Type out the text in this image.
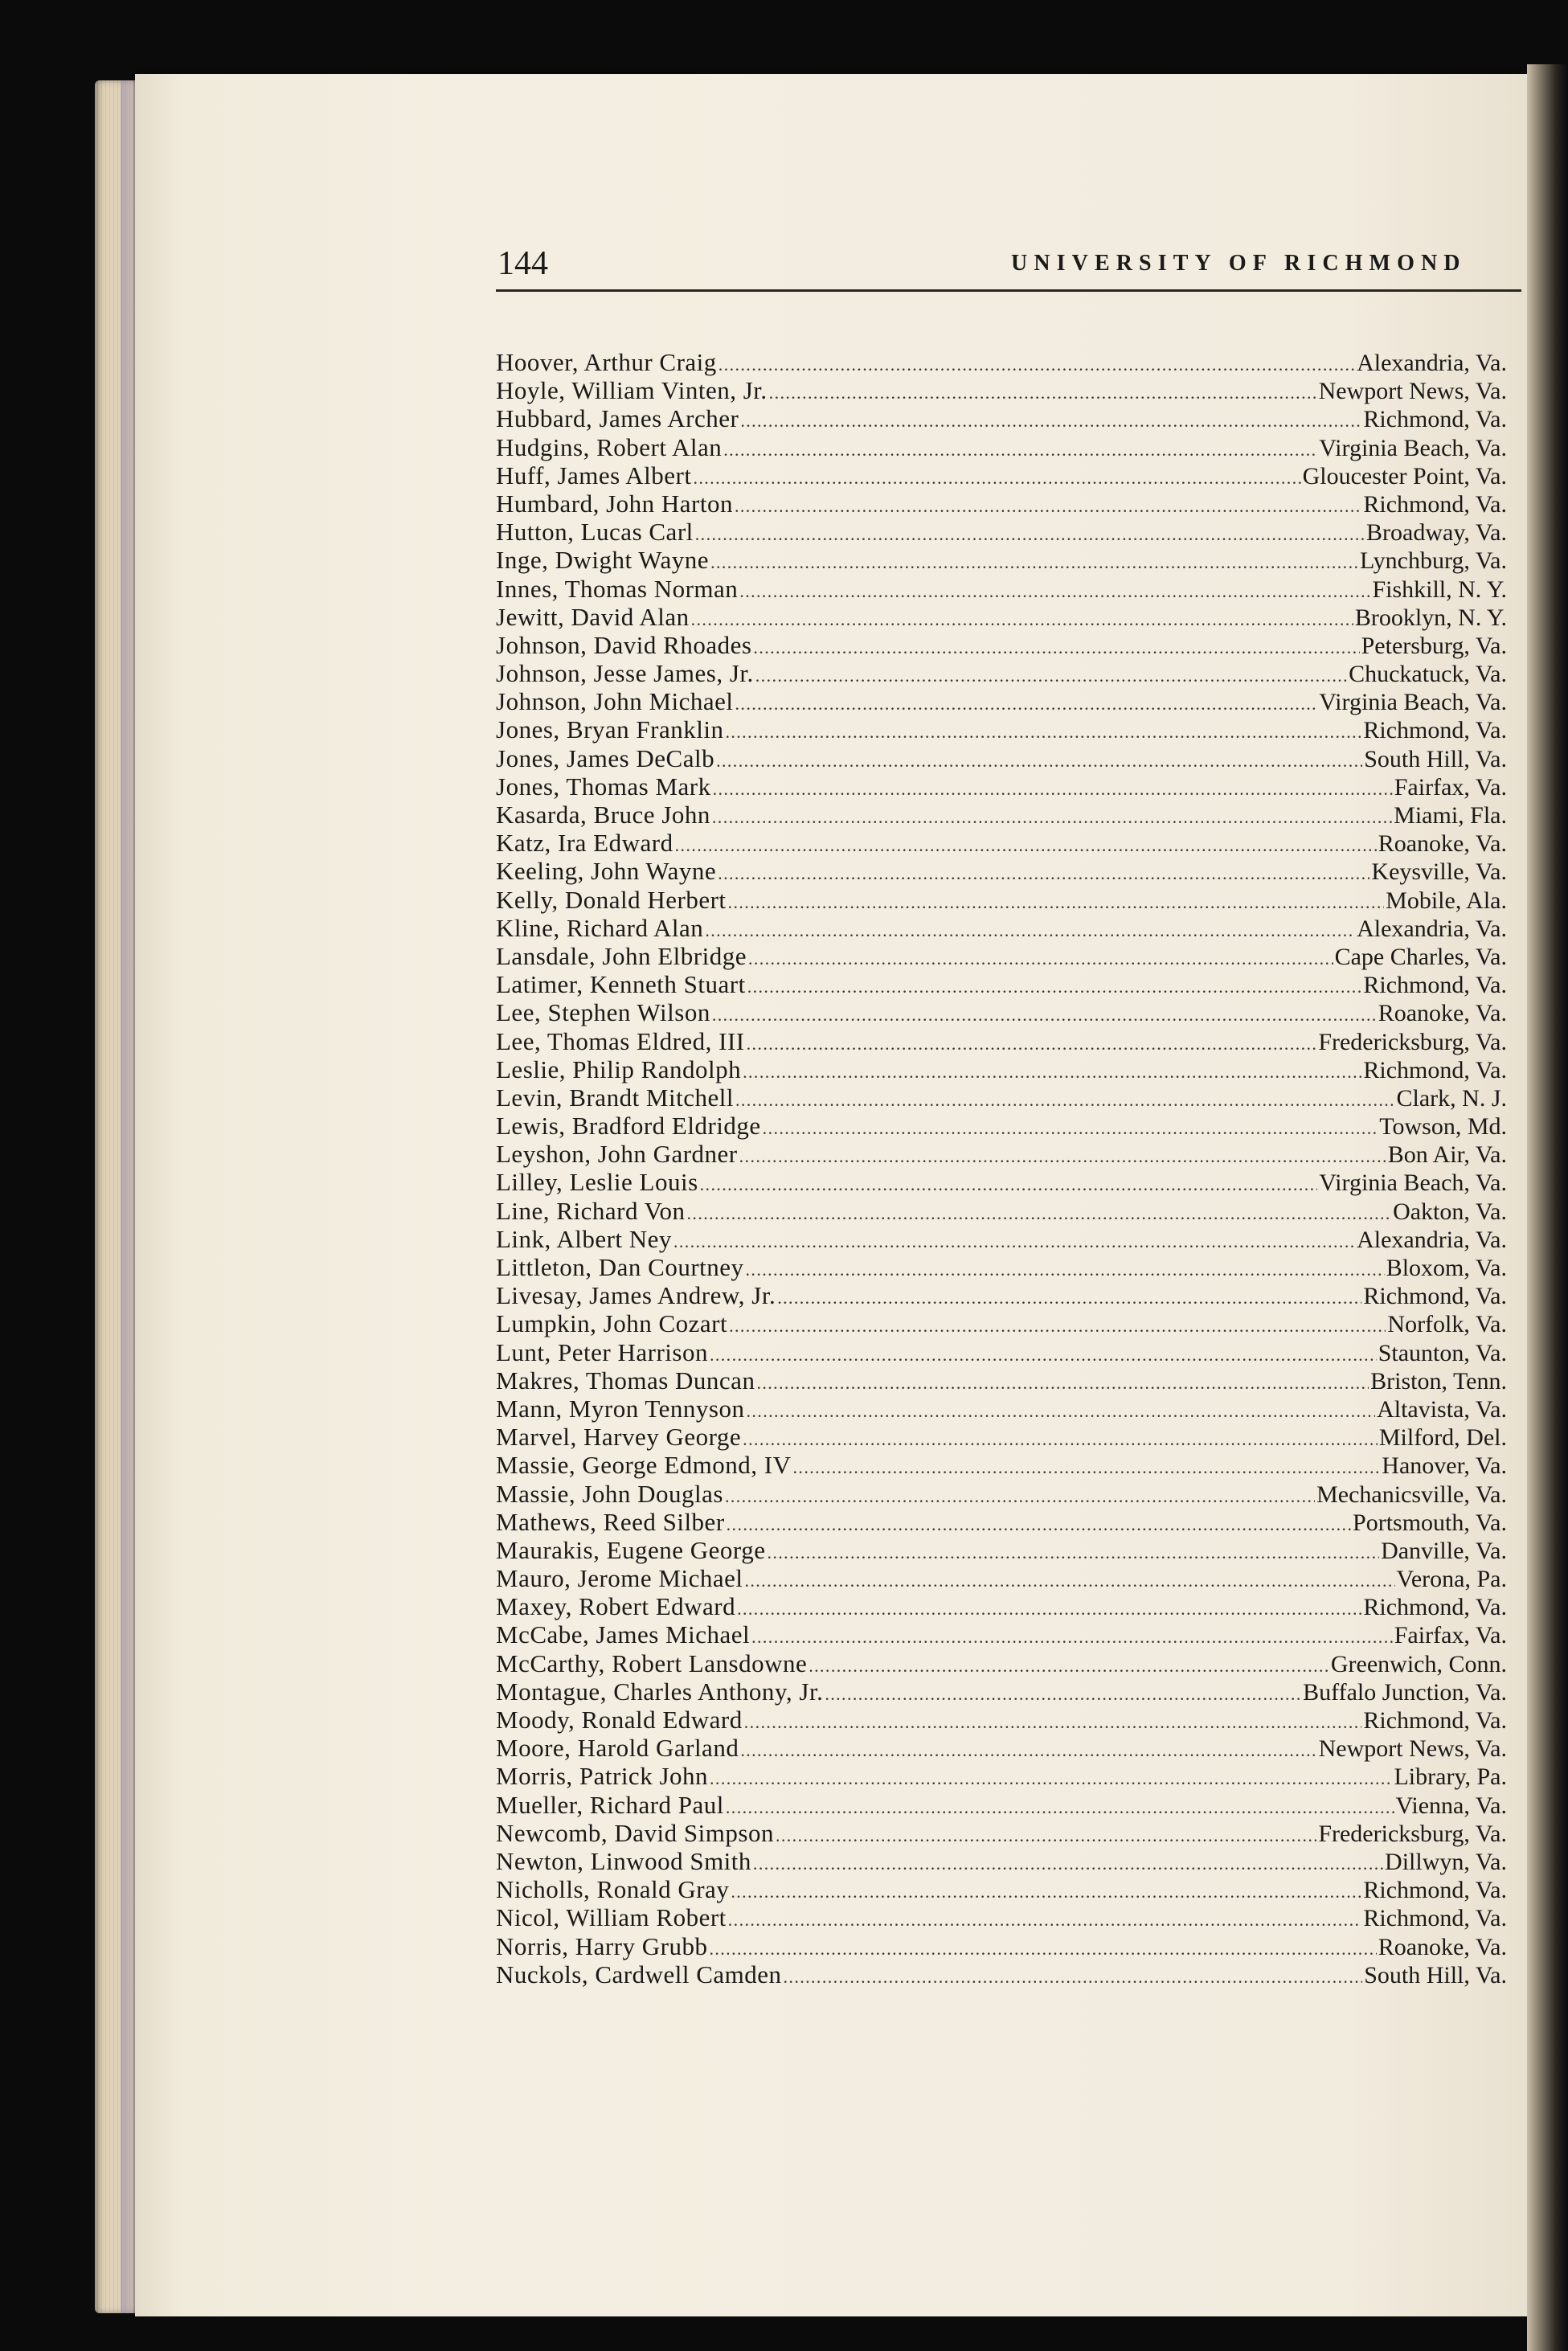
144	UNIVERSITY OF RICHMOND
Hoover, Arthur Craig .....	Alexandria, Va.
Hoyle, William Vinten, Jr. .....	Newport News, Va.
Hubbard, James Archer .....	Richmond, Va.
Hudgins, Robert Alan .....	Virginia Beach, Va.
Huff, James Albert .....	Gloucester Point, Va.
Humbard, John Harton .....	Richmond, Va.
Hutton, Lucas Carl .....	Broadway, Va.
Inge, Dwight Wayne .....	Lynchburg, Va.
Innes, Thomas Norman .....	Fishkill, N. Y.
Jewitt, David Alan .....	Brooklyn, N. Y.
Johnson, David Rhoades .....	Petersburg, Va.
Johnson, Jesse James, Jr. .....	Chuckatuck, Va.
Johnson, John Michael .....	Virginia Beach, Va.
Jones, Bryan Franklin .....	Richmond, Va.
Jones, James DeCalb .....	South Hill, Va.
Jones, Thomas Mark .....	Fairfax, Va.
Kasarda, Bruce John .....	Miami, Fla.
Katz, Ira Edward .....	Roanoke, Va.
Keeling, John Wayne .....	Keysville, Va.
Kelly, Donald Herbert .....	Mobile, Ala.
Kline, Richard Alan .....	Alexandria, Va.
Lansdale, John Elbridge .....	Cape Charles, Va.
Latimer, Kenneth Stuart .....	Richmond, Va.
Lee, Stephen Wilson .....	Roanoke, Va.
Lee, Thomas Eldred, III .....	Fredericksburg, Va.
Leslie, Philip Randolph .....	Richmond, Va.
Levin, Brandt Mitchell .....	Clark, N. J.
Lewis, Bradford Eldridge .....	Towson, Md.
Leyshon, John Gardner .....	Bon Air, Va.
Lilley, Leslie Louis .....	Virginia Beach, Va.
Line, Richard Von .....	Oakton, Va.
Link, Albert Ney .....	Alexandria, Va.
Littleton, Dan Courtney .....	Bloxom, Va.
Livesay, James Andrew, Jr. .....	Richmond, Va.
Lumpkin, John Cozart .....	Norfolk, Va.
Lunt, Peter Harrison .....	Staunton, Va.
Makres, Thomas Duncan .....	Briston, Tenn.
Mann, Myron Tennyson .....	Altavista, Va.
Marvel, Harvey George .....	Milford, Del.
Massie, George Edmond, IV .....	Hanover, Va.
Massie, John Douglas .....	Mechanicsville, Va.
Mathews, Reed Silber .....	Portsmouth, Va.
Maurakis, Eugene George .....	Danville, Va.
Mauro, Jerome Michael .....	Verona, Pa.
Maxey, Robert Edward .....	Richmond, Va.
McCabe, James Michael .....	Fairfax, Va.
McCarthy, Robert Lansdowne .....	Greenwich, Conn.
Montague, Charles Anthony, Jr. .....	Buffalo Junction, Va.
Moody, Ronald Edward .....	Richmond, Va.
Moore, Harold Garland .....	Newport News, Va.
Morris, Patrick John .....	Library, Pa.
Mueller, Richard Paul .....	Vienna, Va.
Newcomb, David Simpson .....	Fredericksburg, Va.
Newton, Linwood Smith .....	Dillwyn, Va.
Nicholls, Ronald Gray .....	Richmond, Va.
Nicol, William Robert .....	Richmond, Va.
Norris, Harry Grubb .....	Roanoke, Va.
Nuckols, Cardwell Camden .....	South Hill, Va.
